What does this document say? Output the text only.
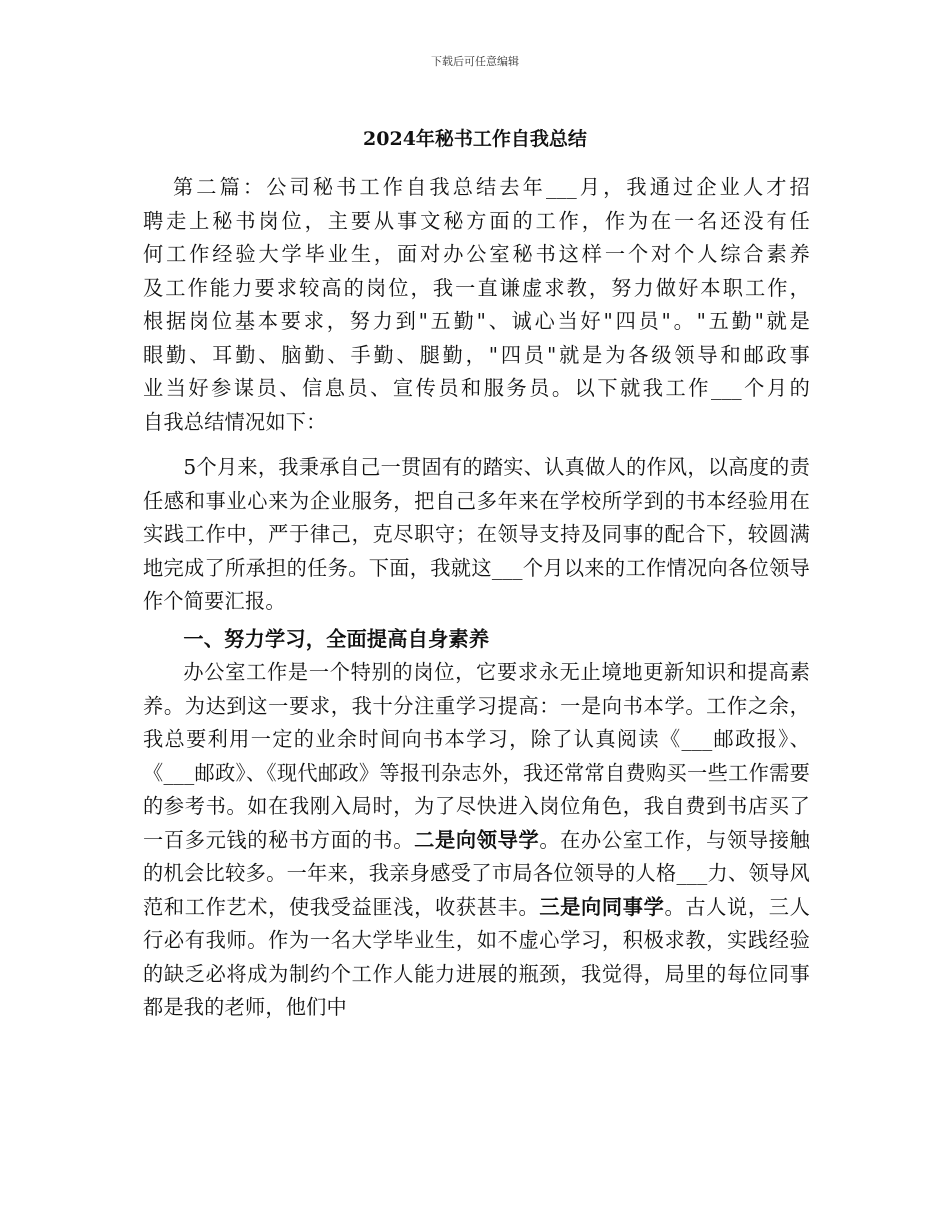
下载后可任意编辑
2024年秘书工作自我总结
第二篇：公司秘书工作自我总结去年___月，我通过企业人才招
聘走上秘书岗位，主要从事文秘方面的工作，作为在一名还没有任
何工作经验大学毕业生，面对办公室秘书这样一个对个人综合素养
及工作能力要求较高的岗位，我一直谦虚求教，努力做好本职工作，
根据岗位基本要求，努力到"五勤"、诚心当好"四员"。"五勤"就是
眼勤、耳勤、脑勤、手勤、腿勤，"四员"就是为各级领导和邮政事
业当好参谋员、信息员、宣传员和服务员。以下就我工作___个月的
自我总结情况如下：

5个月来，我秉承自己一贯固有的踏实、认真做人的作风，以高度的责任感和事业心来为企业服务，把自己多年来在学校所学到的书本经验用在实践工作中，严于律己，克尽职守；在领导支持及同事的配合下，较圆满地完成了所承担的任务。下面，我就这___个月以来的工作情况向各位领导作个简要汇报。

一、努力学习，全面提高自身素养

办公室工作是一个特别的岗位，它要求永无止境地更新知识和提高素养。为达到这一要求，我十分注重学习提高：一是向书本学。工作之余，我总要利用一定的业余时间向书本学习，除了认真阅读《___邮政报》、《___邮政》、《现代邮政》等报刊杂志外，我还常常自费购买一些工作需要的参考书。如在我刚入局时，为了尽快进入岗位角色，我自费到书店买了一百多元钱的秘书方面的书。二是向领导学。在办公室工作，与领导接触的机会比较多。一年来，我亲身感受了市局各位领导的人格___力、领导风范和工作艺术，使我受益匪浅，收获甚丰。三是向同事学。古人说，三人行必有我师。作为一名大学毕业生，如不虚心学习，积极求教，实践经验的缺乏必将成为制约个工作人能力进展的瓶颈，我觉得，局里的每位同事都是我的老师，他们中
